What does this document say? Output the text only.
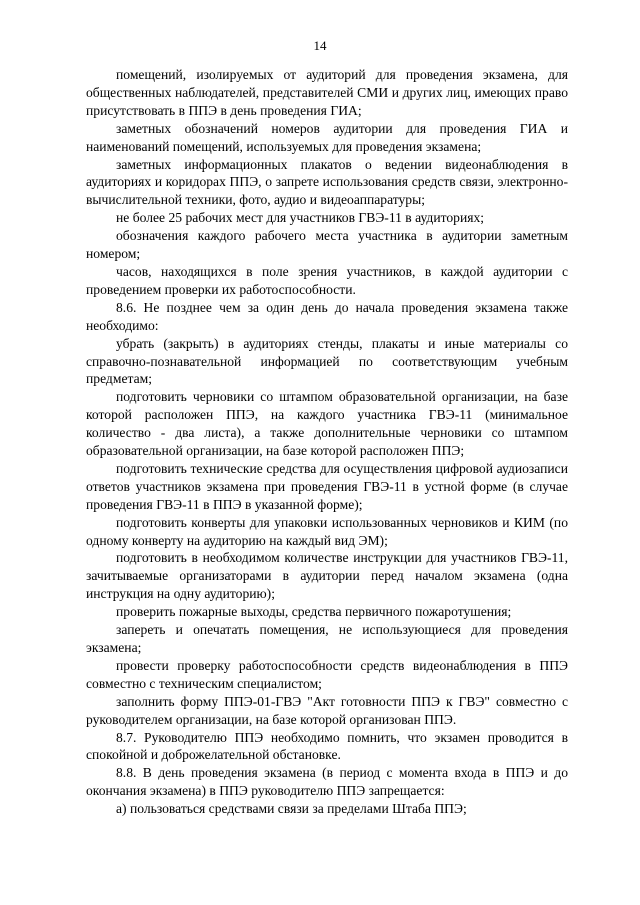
14

помещений, изолируемых от аудиторий для проведения экзамена, для общественных наблюдателей, представителей СМИ и других лиц, имеющих право присутствовать в ППЭ в день проведения ГИА;

заметных обозначений номеров аудитории для проведения ГИА и наименований помещений, используемых для проведения экзамена;

заметных информационных плакатов о ведении видеонаблюдения в аудиториях и коридорах ППЭ, о запрете использования средств связи, электронно-вычислительной техники, фото, аудио и видеоаппаратуры;

не более 25 рабочих мест для участников ГВЭ-11 в аудиториях;

обозначения каждого рабочего места участника в аудитории заметным номером;

часов, находящихся в поле зрения участников, в каждой аудитории с проведением проверки их работоспособности.

8.6. Не позднее чем за один день до начала проведения экзамена также необходимо:

убрать (закрыть) в аудиториях стенды, плакаты и иные материалы со справочно-познавательной информацией по соответствующим учебным предметам;

подготовить черновики со штампом образовательной организации, на базе которой расположен ППЭ, на каждого участника ГВЭ-11 (минимальное количество - два листа), а также дополнительные черновики со штампом образовательной организации, на базе которой расположен ППЭ;

подготовить технические средства для осуществления цифровой аудиозаписи ответов участников экзамена при проведения ГВЭ-11 в устной форме (в случае проведения ГВЭ-11 в ППЭ в указанной форме);

подготовить конверты для упаковки использованных черновиков и КИМ (по одному конверту на аудиторию на каждый вид ЭМ);

подготовить в необходимом количестве инструкции для участников ГВЭ-11, зачитываемые организаторами в аудитории перед началом экзамена (одна инструкция на одну аудиторию);

проверить пожарные выходы, средства первичного пожаротушения;

запереть и опечатать помещения, не использующиеся для проведения экзамена;

провести проверку работоспособности средств видеонаблюдения в ППЭ совместно с техническим специалистом;

заполнить форму ППЭ-01-ГВЭ "Акт готовности ППЭ к ГВЭ" совместно с руководителем организации, на базе которой организован ППЭ.

8.7. Руководителю ППЭ необходимо помнить, что экзамен проводится в спокойной и доброжелательной обстановке.

8.8. В день проведения экзамена (в период с момента входа в ППЭ и до окончания экзамена) в ППЭ руководителю ППЭ запрещается:

а) пользоваться средствами связи за пределами Штаба ППЭ;
